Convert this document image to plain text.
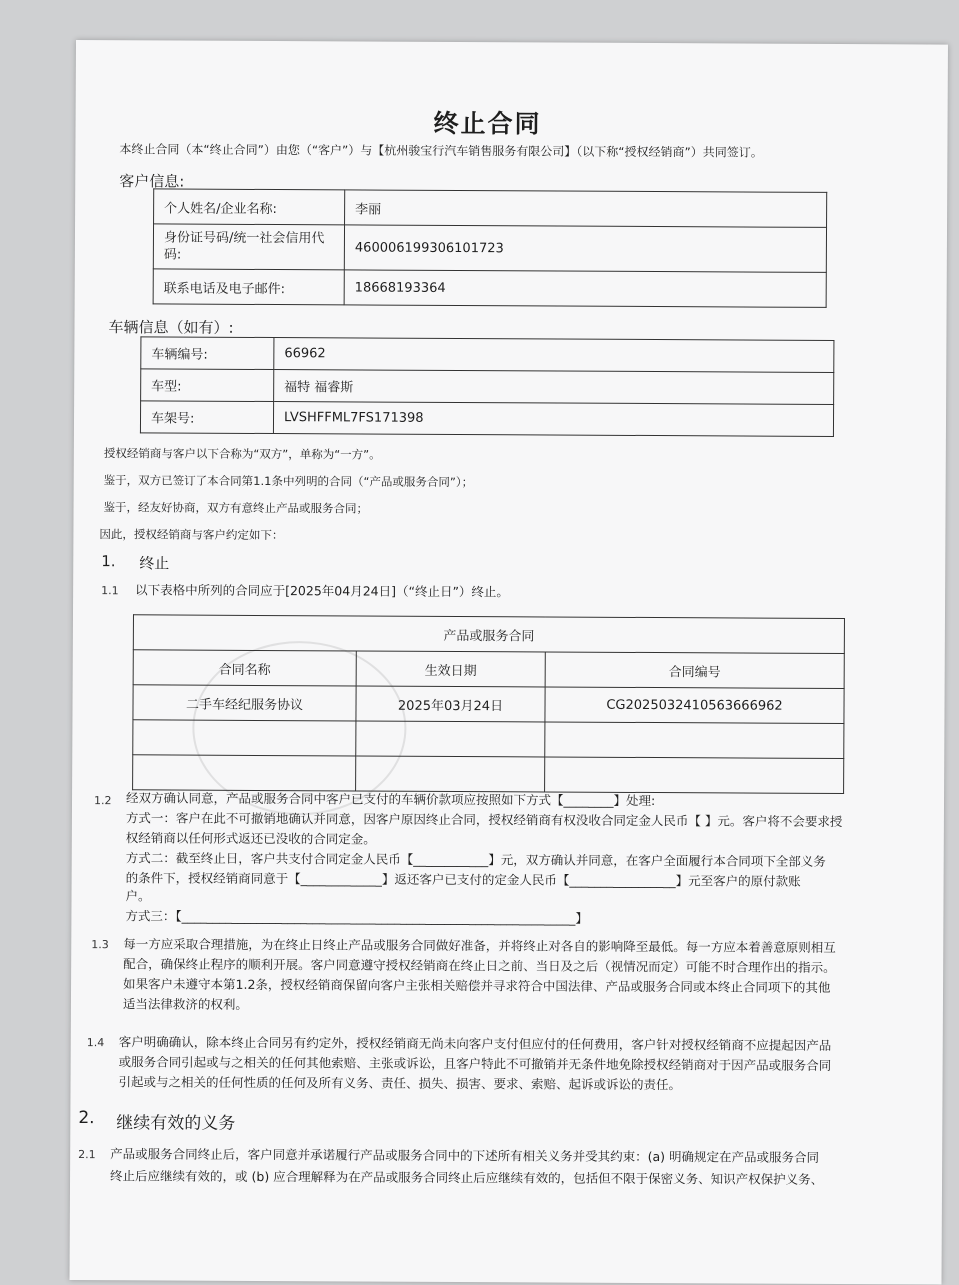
终止合同
本终止合同（本“终止合同”）由您（“客户”）与【杭州骏宝行汽车销售服务有限公司】（以下称“授权经销商”）共同签订。
客户信息:
个人姓名/企业名称:	李丽
身份证号码/统一社会信用代码:	460006199306101723
联系电话及电子邮件:	18668193364
车辆信息（如有）:
车辆编号:	66962
车型:	福特 福睿斯
车架号:	LVSHFFML7FS171398
授权经销商与客户以下合称为“双方”，单称为“一方”。
鉴于，双方已签订了本合同第1.1条中列明的合同（“产品或服务合同”）；
鉴于，经友好协商，双方有意终止产品或服务合同；
因此，授权经销商与客户约定如下：
1. 终止
1.1 以下表格中所列的合同应于[2025年04月24日]（“终止日”）终止。
产品或服务合同		
合同名称	生效日期	合同编号
二手车经纪服务协议	2025年03月24日	CG2025032410563666962

1.2 经双方确认同意，产品或服务合同中客户已支付的车辆价款项应按照如下方式【________】处理:
方式一：客户在此不可撤销地确认并同意，因客户原因终止合同，授权经销商有权没收合同定金人民币【 】元。客户将不会要求授
权经销商以任何形式返还已没收的合同定金。
方式二：截至终止日，客户共支付合同定金人民币【____________】元，双方确认并同意，在客户全面履行本合同项下全部义务
的条件下，授权经销商同意于【_____________】返还客户已支付的定金人民币【_________________】元至客户的原付款账
户。
方式三：【_______________________________________________________________】
1.3 每一方应采取合理措施，为在终止日终止产品或服务合同做好准备，并将终止对各自的影响降至最低。每一方应本着善意原则相互
配合，确保终止程序的顺利开展。客户同意遵守授权经销商在终止日之前、当日及之后（视情况而定）可能不时合理作出的指示。
如果客户未遵守本第1.2条，授权经销商保留向客户主张相关赔偿并寻求符合中国法律、产品或服务合同或本终止合同项下的其他
适当法律救济的权利。
1.4 客户明确确认，除本终止合同另有约定外，授权经销商无尚未向客户支付但应付的任何费用，客户针对授权经销商不应提起因产品
或服务合同引起或与之相关的任何其他索赔、主张或诉讼，且客户特此不可撤销并无条件地免除授权经销商对于因产品或服务合同
引起或与之相关的任何性质的任何及所有义务、责任、损失、损害、要求、索赔、起诉或诉讼的责任。
2. 继续有效的义务
2.1 产品或服务合同终止后，客户同意并承诺履行产品或服务合同中的下述所有相关义务并受其约束：(a) 明确规定在产品或服务合同
终止后应继续有效的，或 (b) 应合理解释为在产品或服务合同终止后应继续有效的，包括但不限于保密义务、知识产权保护义务、
